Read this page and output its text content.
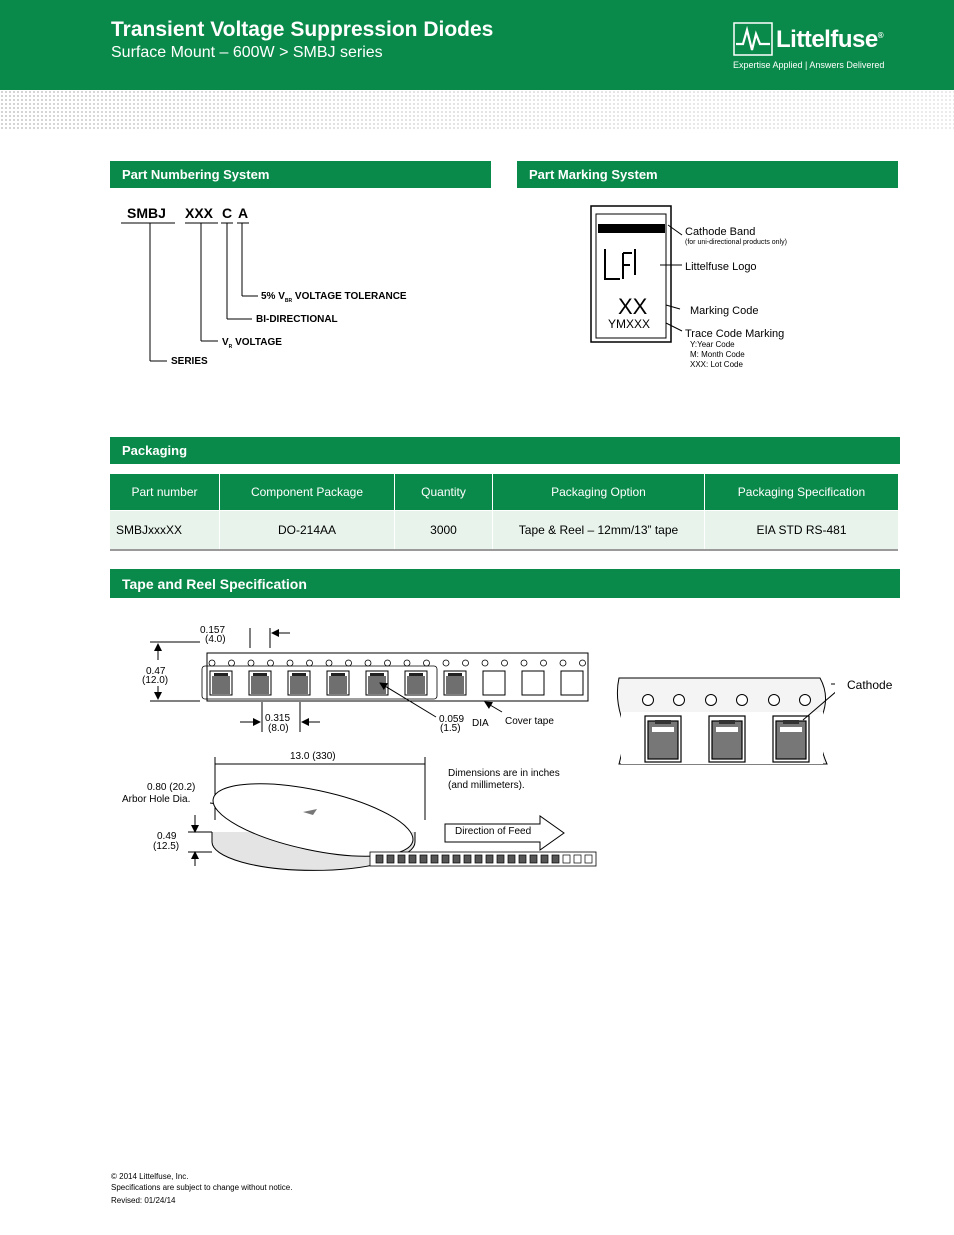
Transient Voltage Suppression Diodes
Surface Mount – 600W > SMBJ series	Littelfuse®
Expertise Applied | Answers Delivered
Part Numbering System
SMBJ XXX C A
5% $V_{BR}$ VOLTAGE TOLERANCE
BI-DIRECTIONAL
$V_R$ VOLTAGE
SERIES
Part Marking System
XX
YMXXX
Cathode Band
(for uni-directional products only)
Littelfuse Logo
Marking Code
Trace Code Marking
Y:Year Code
M: Month Code
XXX: Lot Code
Packaging
Part number	Component Package	Quantity	Packaging Option	Packaging Specification
SMBJxxxXX	DO-214AA	3000	Tape & Reel – 12mm/13” tape	EIA STD RS-481
Tape and Reel Specification
0.157
(4.0)
0.47
(12.0)
0.315
(8.0)
0.059
(1.5) DIA Cover tape
13.0 (330)
0.80 (20.2)
Arbor Hole Dia.
0.49
(12.5)
Dimensions are in inches
(and millimeters).
Direction of Feed
Cathode
© 2014 Littelfuse, Inc.
Specifications are subject to change without notice.
Revised: 01/24/14
